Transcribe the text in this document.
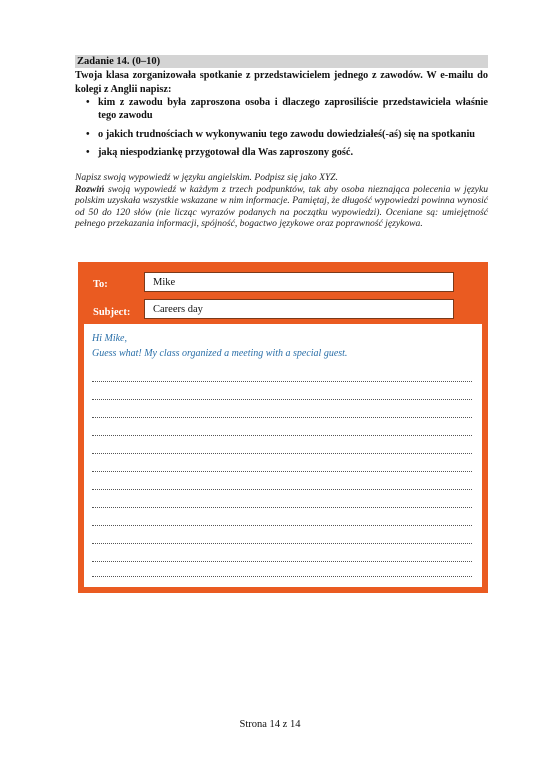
Zadanie 14. (0–10)
Twoja klasa zorganizowała spotkanie z przedstawicielem jednego z zawodów. W e-mailu do kolegi z Anglii napisz:
• kim z zawodu była zaproszona osoba i dlaczego zaprosiliście przedstawiciela właśnie tego zawodu
• o jakich trudnościach w wykonywaniu tego zawodu dowiedziałeś(-aś) się na spotkaniu
• jaką niespodziankę przygotował dla Was zaproszony gość.
Napisz swoją wypowiedź w języku angielskim. Podpisz się jako XYZ.
Rozwiń swoją wypowiedź w każdym z trzech podpunktów, tak aby osoba nieznająca polecenia w języku polskim uzyskała wszystkie wskazane w nim informacje. Pamiętaj, że długość wypowiedzi powinna wynosić od 50 do 120 słów (nie licząc wyrazów podanych na początku wypowiedzi). Oceniane są: umiejętność pełnego przekazania informacji, spójność, bogactwo językowe oraz poprawność językowa.
To:	Mike
Subject:	Careers day
Hi Mike,
Guess what! My class organized a meeting with a special guest.
Strona 14 z 14
